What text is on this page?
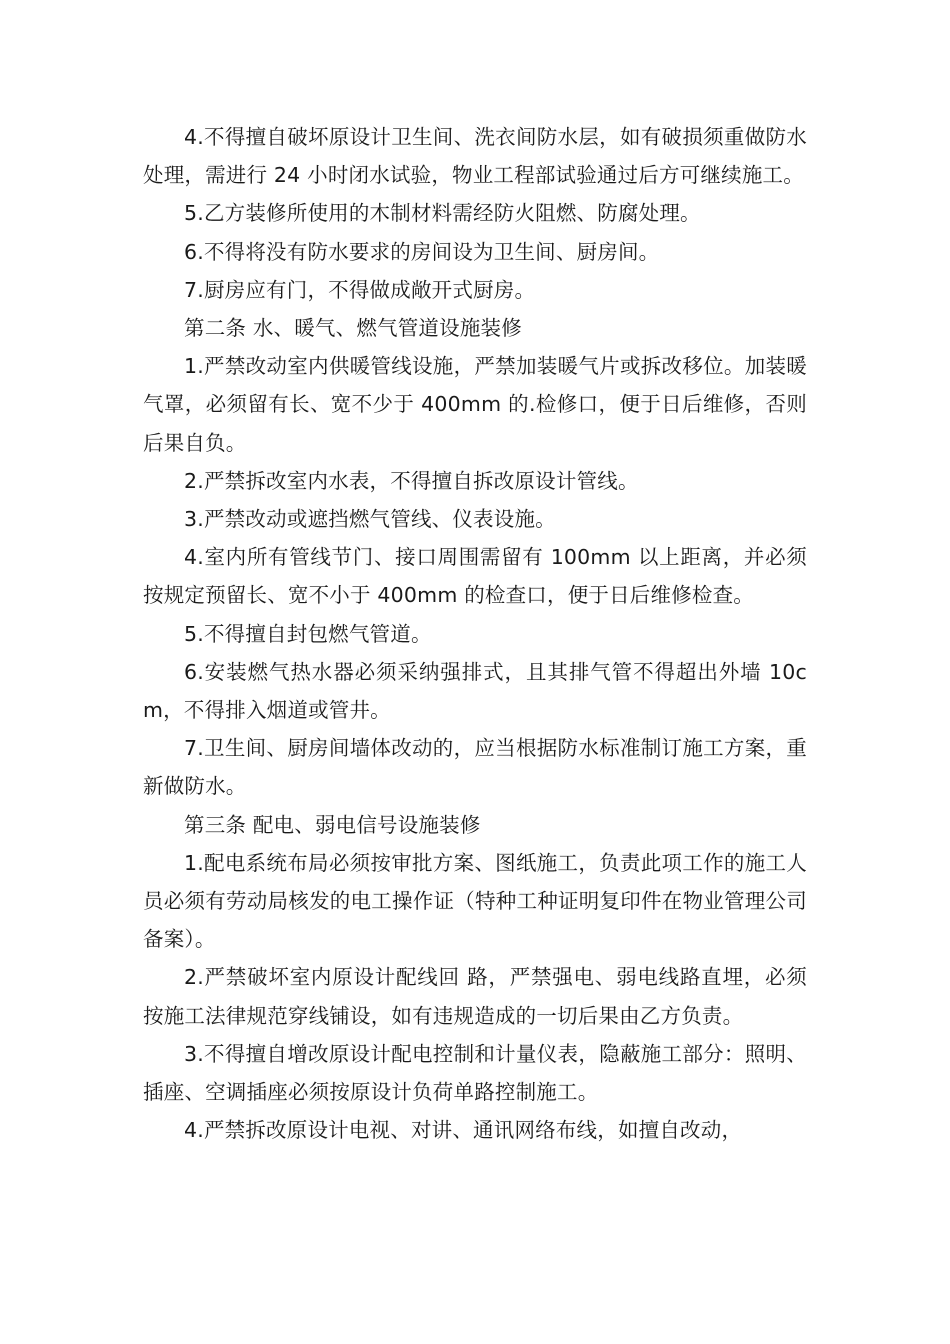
4.不得擅自破坏原设计卫生间、洗衣间防水层，如有破损须重做防水处理，需进行 24 小时闭水试验，物业工程部试验通过后方可继续施工。

5.乙方装修所使用的木制材料需经防火阻燃、防腐处理。

6.不得将没有防水要求的房间设为卫生间、厨房间。

7.厨房应有门，不得做成敞开式厨房。

第二条 水、暖气、燃气管道设施装修

1.严禁改动室内供暖管线设施，严禁加装暖气片或拆改移位。加装暖气罩，必须留有长、宽不少于 400mm 的.检修口，便于日后维修，否则后果自负。

2.严禁拆改室内水表，不得擅自拆改原设计管线。

3.严禁改动或遮挡燃气管线、仪表设施。

4.室内所有管线节门、接口周围需留有 100mm 以上距离，并必须按规定预留长、宽不小于 400mm 的检查口，便于日后维修检查。

5.不得擅自封包燃气管道。

6.安装燃气热水器必须采纳强排式，且其排气管不得超出外墙 10cm，不得排入烟道或管井。

7.卫生间、厨房间墙体改动的，应当根据防水标准制订施工方案，重新做防水。

第三条 配电、弱电信号设施装修

1.配电系统布局必须按审批方案、图纸施工，负责此项工作的施工人员必须有劳动局核发的电工操作证（特种工种证明复印件在物业管理公司备案）。

2.严禁破坏室内原设计配线回 路，严禁强电、弱电线路直埋，必须按施工法律规范穿线铺设，如有违规造成的一切后果由乙方负责。

3.不得擅自增改原设计配电控制和计量仪表，隐蔽施工部分：照明、插座、空调插座必须按原设计负荷单路控制施工。

4.严禁拆改原设计电视、对讲、通讯网络布线，如擅自改动，
